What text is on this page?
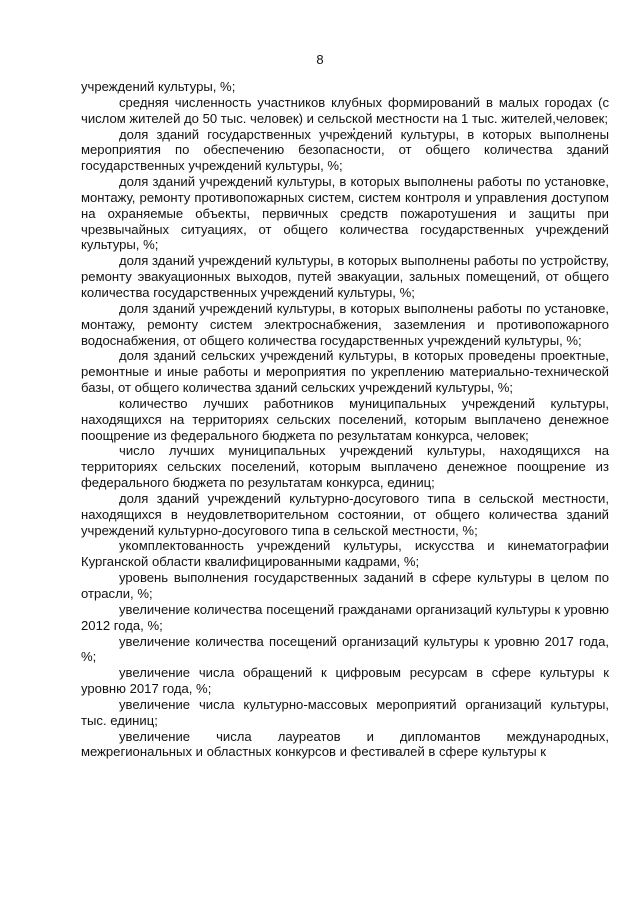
8

учреждений культуры, %;

средняя численность участников клубных формирований в малых городах (с числом жителей до 50 тыс. человек) и сельской местности на 1 тыс. жителей,человек;

доля зданий государственных учреждений культуры, в которых выполнены мероприятия по обеспечению безопасности, от общего количества зданий государственных учреждений культуры, %;

доля зданий учреждений культуры, в которых выполнены работы по установке, монтажу, ремонту противопожарных систем, систем контроля и управления доступом на охраняемые объекты, первичных средств пожаротушения и защиты при чрезвычайных ситуациях, от общего количества государственных учреждений культуры, %;

доля зданий учреждений культуры, в которых выполнены работы по устройству, ремонту эвакуационных выходов, путей эвакуации, зальных помещений, от общего количества государственных учреждений культуры, %;

доля зданий учреждений культуры, в которых выполнены работы по установке, монтажу, ремонту систем электроснабжения, заземления и противопожарного водоснабжения, от общего количества государственных учреждений культуры, %;

доля зданий сельских учреждений культуры, в которых проведены проектные, ремонтные и иные работы и мероприятия по укреплению материально-технической базы, от общего количества зданий сельских учреждений культуры, %;

количество лучших работников муниципальных учреждений культуры, находящихся на территориях сельских поселений, которым выплачено денежное поощрение из федерального бюджета по результатам конкурса, человек;

число лучших муниципальных учреждений культуры, находящихся на территориях сельских поселений, которым выплачено денежное поощрение из федерального бюджета по результатам конкурса, единиц;

доля зданий учреждений культурно-досугового типа в сельской местности, находящихся в неудовлетворительном состоянии, от общего количества зданий учреждений культурно-досугового типа в сельской местности, %;

укомплектованность учреждений культуры, искусства и кинематографии Курганской области квалифицированными кадрами, %;

уровень выполнения государственных заданий в сфере культуры в целом по отрасли, %;

увеличение количества посещений гражданами организаций культуры к уровню 2012 года, %;

увеличение количества посещений организаций культуры к уровню 2017 года, %;

увеличение числа обращений к цифровым ресурсам в сфере культуры к уровню 2017 года, %;

увеличение числа культурно-массовых мероприятий организаций культуры, тыс. единиц;

увеличение числа лауреатов и дипломантов международных, межрегиональных и областных конкурсов и фестивалей в сфере культуры к
